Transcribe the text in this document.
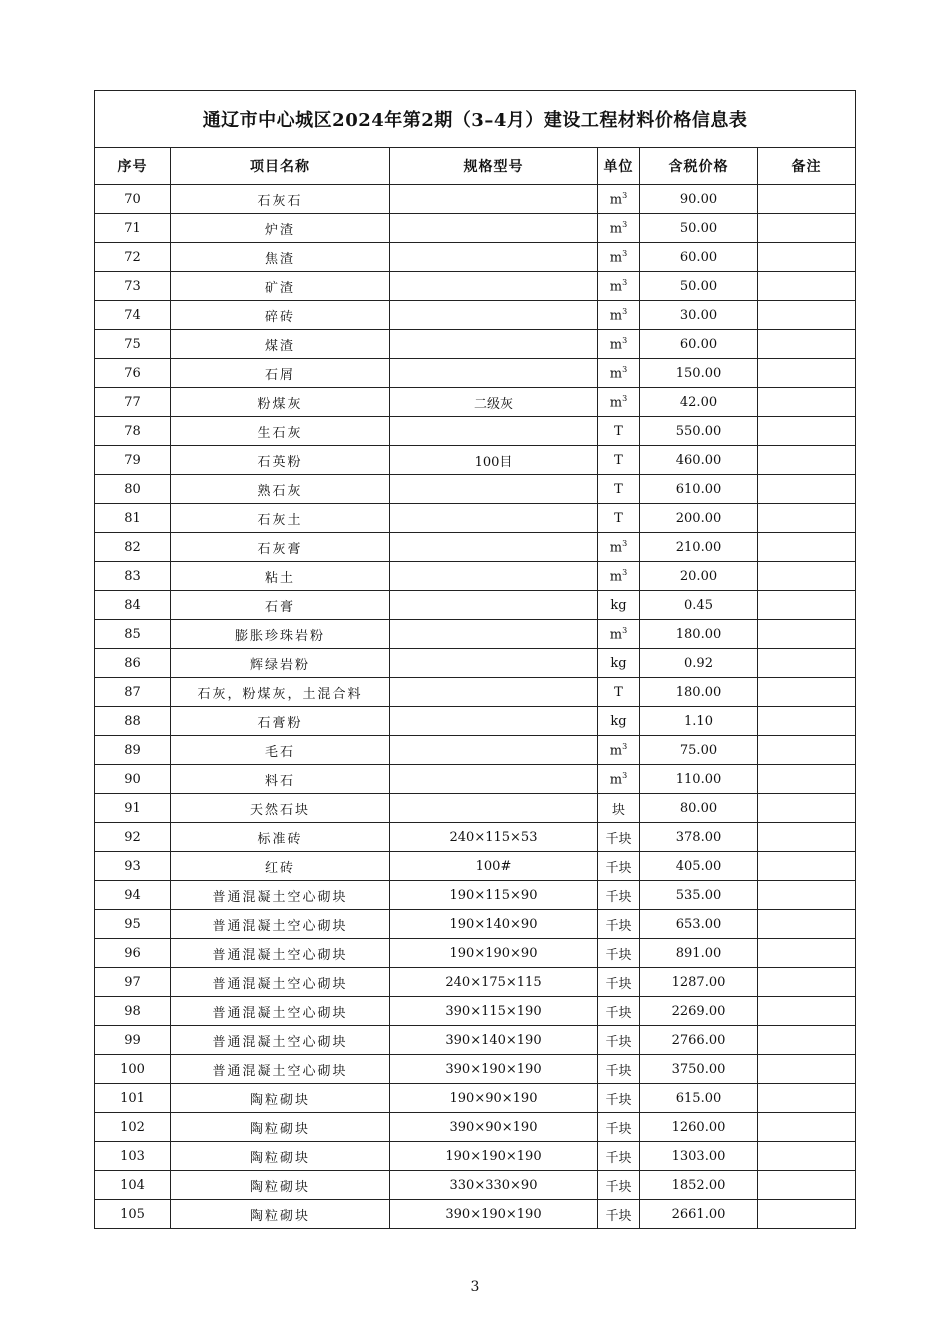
通辽市中心城区2024年第2期（3–4月）建设工程材料价格信息表					
序号	项目名称	规格型号	单位	含税价格	备注
70	石灰石		$m^3$	90.00	
71	炉渣		$m^3$	50.00	
72	焦渣		$m^3$	60.00	
73	矿渣		$m^3$	50.00	
74	碎砖		$m^3$	30.00	
75	煤渣		$m^3$	60.00	
76	石屑		$m^3$	150.00	
77	粉煤灰	二级灰	$m^3$	42.00	
78	生石灰		T	550.00	
79	石英粉	100目	T	460.00	
80	熟石灰		T	610.00	
81	石灰土		T	200.00	
82	石灰膏		$m^3$	210.00	
83	粘土		$m^3$	20.00	
84	石膏		kg	0.45	
85	膨胀珍珠岩粉		$m^3$	180.00	
86	辉绿岩粉		kg	0.92	
87	石灰，粉煤灰，土混合料		T	180.00	
88	石膏粉		kg	1.10	
89	毛石		$m^3$	75.00	
90	料石		$m^3$	110.00	
91	天然石块		块	80.00	
92	标准砖	240×115×53	千块	378.00	
93	红砖	100#	千块	405.00	
94	普通混凝土空心砌块	190×115×90	千块	535.00	
95	普通混凝土空心砌块	190×140×90	千块	653.00	
96	普通混凝土空心砌块	190×190×90	千块	891.00	
97	普通混凝土空心砌块	240×175×115	千块	1287.00	
98	普通混凝土空心砌块	390×115×190	千块	2269.00	
99	普通混凝土空心砌块	390×140×190	千块	2766.00	
100	普通混凝土空心砌块	390×190×190	千块	3750.00	
101	陶粒砌块	190×90×190	千块	615.00	
102	陶粒砌块	390×90×190	千块	1260.00	
103	陶粒砌块	190×190×190	千块	1303.00	
104	陶粒砌块	330×330×90	千块	1852.00	
105	陶粒砌块	390×190×190	千块	2661.00	
3
